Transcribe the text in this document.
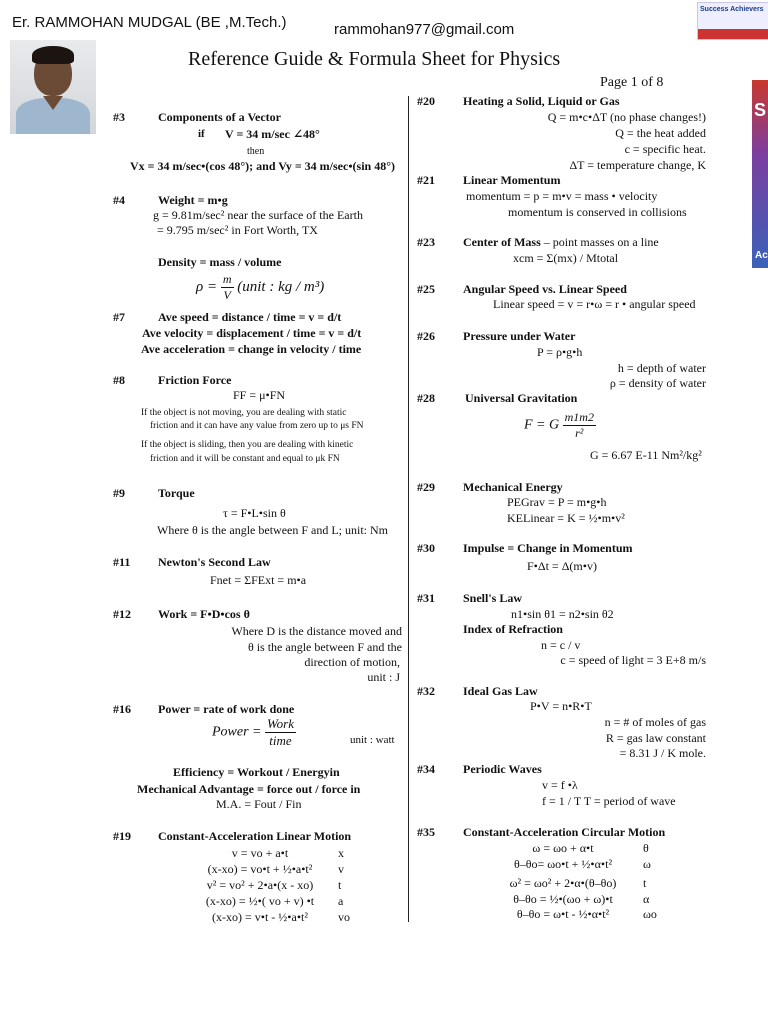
Er. RAMMOHAN MUDGAL (BE ,M.Tech.)	rammohan977@gmail.com
Success Achievers
Reference Guide & Formula Sheet for Physics
Page 1 of 8
S
Ac
#3	Components of a Vector
if V = 34 m/sec ∠48°
then
Vx = 34 m/sec•(cos 48°); and Vy = 34 m/sec•(sin 48°)
#4	Weight = m•g
g = 9.81m/sec² near the surface of the Earth
= 9.795 m/sec² in Fort Worth, TX
Density = mass / volume
$\rho = \frac{m}{V}$ (unit : kg / m³)
#7	Ave speed = distance / time = v = d/t
Ave velocity = displacement / time = v = d/t
Ave acceleration = change in velocity / time
#8	Friction Force
FF = μ•FN
If the object is not moving, you are dealing with static
friction and it can have any value from zero up to μs FN
If the object is sliding, then you are dealing with kinetic
friction and it will be constant and equal to μk FN
#9	Torque
τ = F•L•sin θ
Where θ is the angle between F and L; unit: Nm
#11 Newton's Second Law
Fnet = ΣFExt = m•a
#12 Work = F•D•cos θ
Where D is the distance moved and
θ is the angle between F and the
direction of motion,
unit : J
#16 Power = rate of work done
Power = $\frac{\text{Work}}{\text{time}}$	unit : watt
Efficiency = Workout / Energyin
Mechanical Advantage = force out / force in
M.A. = Fout / Fin
#19 Constant-Acceleration Linear Motion
v = vo + a•t	x
(x-xo) = vo•t + ½•a•t²	v
v² = vo² + 2•a•(x - xo)	t
(x-xo) = ½•( vo + v) •t	a
(x-xo) = v•t - ½•a•t²	vo
#20 Heating a Solid, Liquid or Gas
Q = m•c•ΔT (no phase changes!)
Q = the heat added
c = specific heat.
ΔT = temperature change, K
#21 Linear Momentum
momentum = p = m•v = mass • velocity
momentum is conserved in collisions
#23 Center of Mass – point masses on a line
xcm = Σ(mx) / Mtotal
#25 Angular Speed vs. Linear Speed
Linear speed = v = r•ω = r • angular speed
#26 Pressure under Water
P = ρ•g•h
h = depth of water
ρ = density of water
#28	Universal Gravitation
F = G $\frac{m1m2}{\text{r²}}$
G = 6.67 E-11 Nm²/kg²
#29 Mechanical Energy
PEGrav = P = m•g•h
KELinear = K = ½•m•v²
#30 Impulse = Change in Momentum
F•Δt = Δ(m•v)
#31 Snell's Law
n1•sin θ1 = n2•sin θ2
Index of Refraction
n = c / v
c = speed of light = 3 E+8 m/s
#32 Ideal Gas Law
P•V = n•R•T
n = # of moles of gas
R = gas law constant
= 8.31 J / K mole.
#34 Periodic Waves
v = f •λ
f = 1 / T T = period of wave
#35 Constant-Acceleration Circular Motion
ω = ωo + α•t	θ
θ–θo= ωo•t + ½•α•t²	ω
ω² = ωo² + 2•α•(θ–θo)	t
θ–θo = ½•(ωo + ω)•t	α
θ–θo = ω•t - ½•α•t²	ωo
